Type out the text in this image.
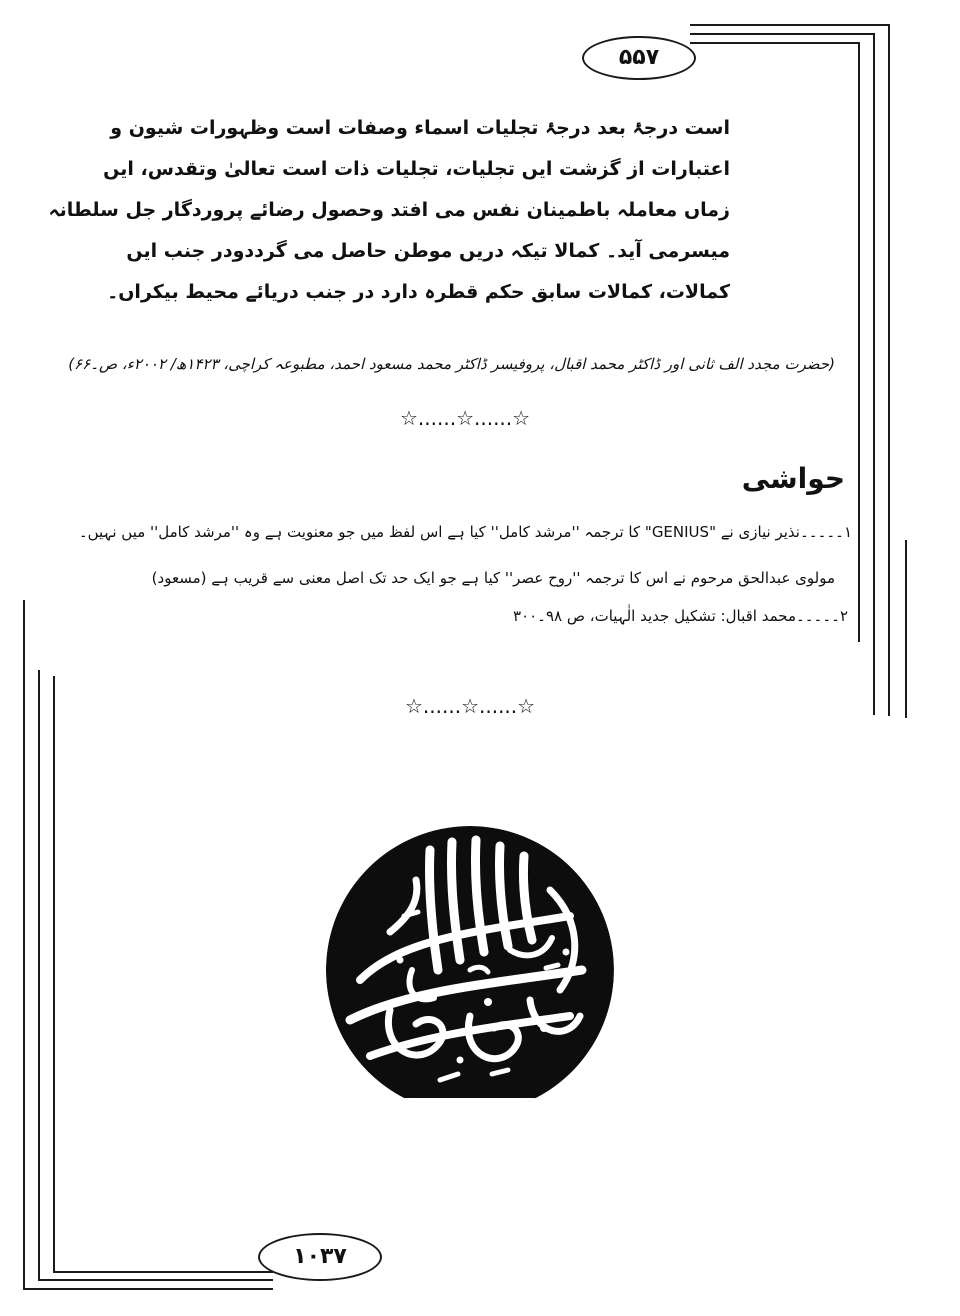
۵۵۷
است درجۂ بعد درجۂ تجلیات اسماء وصفات است وظہورات شیون و
اعتبارات از گزشت ایں تجلیات، تجلیات ذات است تعالیٰ وتقدس، ایں
زماں معاملہ باطمینان نفس می افتد وحصول رضائے پروردگار جل سلطانہ
میسرمی آید۔ کمالا تیکہ دریں موطن حاصل می گرددودر جنب ایں
کمالات، کمالات سابق حکم قطرہ دارد در جنب دریائے محیط بیکراں۔
(حضرت مجدد الف ثانی اور ڈاکٹر محمد اقبال، پروفیسر ڈاکٹر محمد مسعود احمد، مطبوعہ کراچی، ۱۴۲۳ھ/ ۲۰۰۲ء، ص۔۶۶)
☆......☆......☆
حواشی
۱۔۔۔۔۔نذیر نیازی نے "GENIUS" کا ترجمہ ''مرشد کامل'' کیا ہے اس لفظ میں جو معنویت ہے وہ ''مرشد کامل'' میں نہیں۔
مولوی عبدالحق مرحوم نے اس کا ترجمہ ''روح عصر'' کیا ہے جو ایک حد تک اصل معنی سے قریب ہے (مسعود)
۲۔۔۔۔۔محمد اقبال: تشکیل جدید الٰہیات، ص ۹۸۔۳۰۰
☆......☆......☆
۱۰۳۷
